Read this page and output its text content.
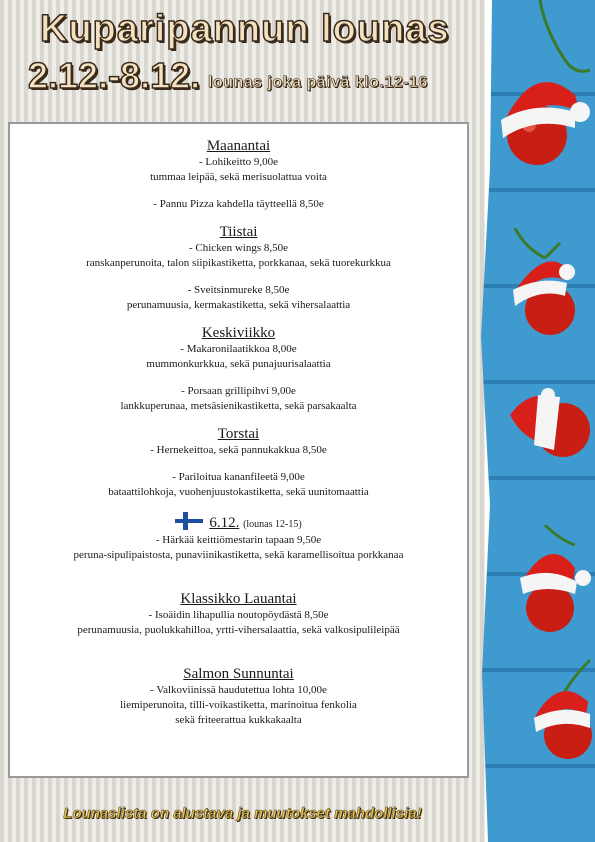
Kuparipannun lounas
2.12.-8.12. lounas joka päivä klo.12-16

Maanantai

- Lohikeitto 9,00e
tummaa leipää, sekä merisuolattua voita
- Pannu Pizza kahdella täytteellä 8,50e

Tiistai

- Chicken wings 8,50e
ranskanperunoita, talon siipikastiketta, porkkanaa, sekä tuorekurkkua
- Sveitsinmureke 8,50e
perunamuusia, kermakastiketta, sekä vihersalaattia

Keskiviikko

- Makaronilaatikkoa 8,00e
mummonkurkkua, sekä punajuurisalaattia
- Porsaan grillipihvi 9,00e
lankkuperunaa, metsäsienikastiketta, sekä parsakaalta

Torstai

- Hernekeittoa, sekä pannukakkua 8,50e
- Pariloitua kananfileetä 9,00e
bataattilohkoja, vuohenjuustokastiketta, sekä uunitomaattia

6.12. (lounas 12-15)

- Härkää keittiömestarin tapaan 9,50e
peruna-sipulipaistosta, punaviinikastiketta, sekä karamellisoitua porkkanaa

Klassikko Lauantai

- Isoäidin lihapullia noutopöydästä 8,50e
perunamuusia, puolukkahilloa, yrtti-vihersalaattia, sekä valkosipulileipää

Salmon Sunnuntai

- Valkoviinissä haudutettua lohta 10,00e
liemiperunoita, tilli-voikastiketta, marinoitua fenkolia
sekä friteerattua kukkakaalta
Lounaslista on alustava ja muutokset mahdollisia!
